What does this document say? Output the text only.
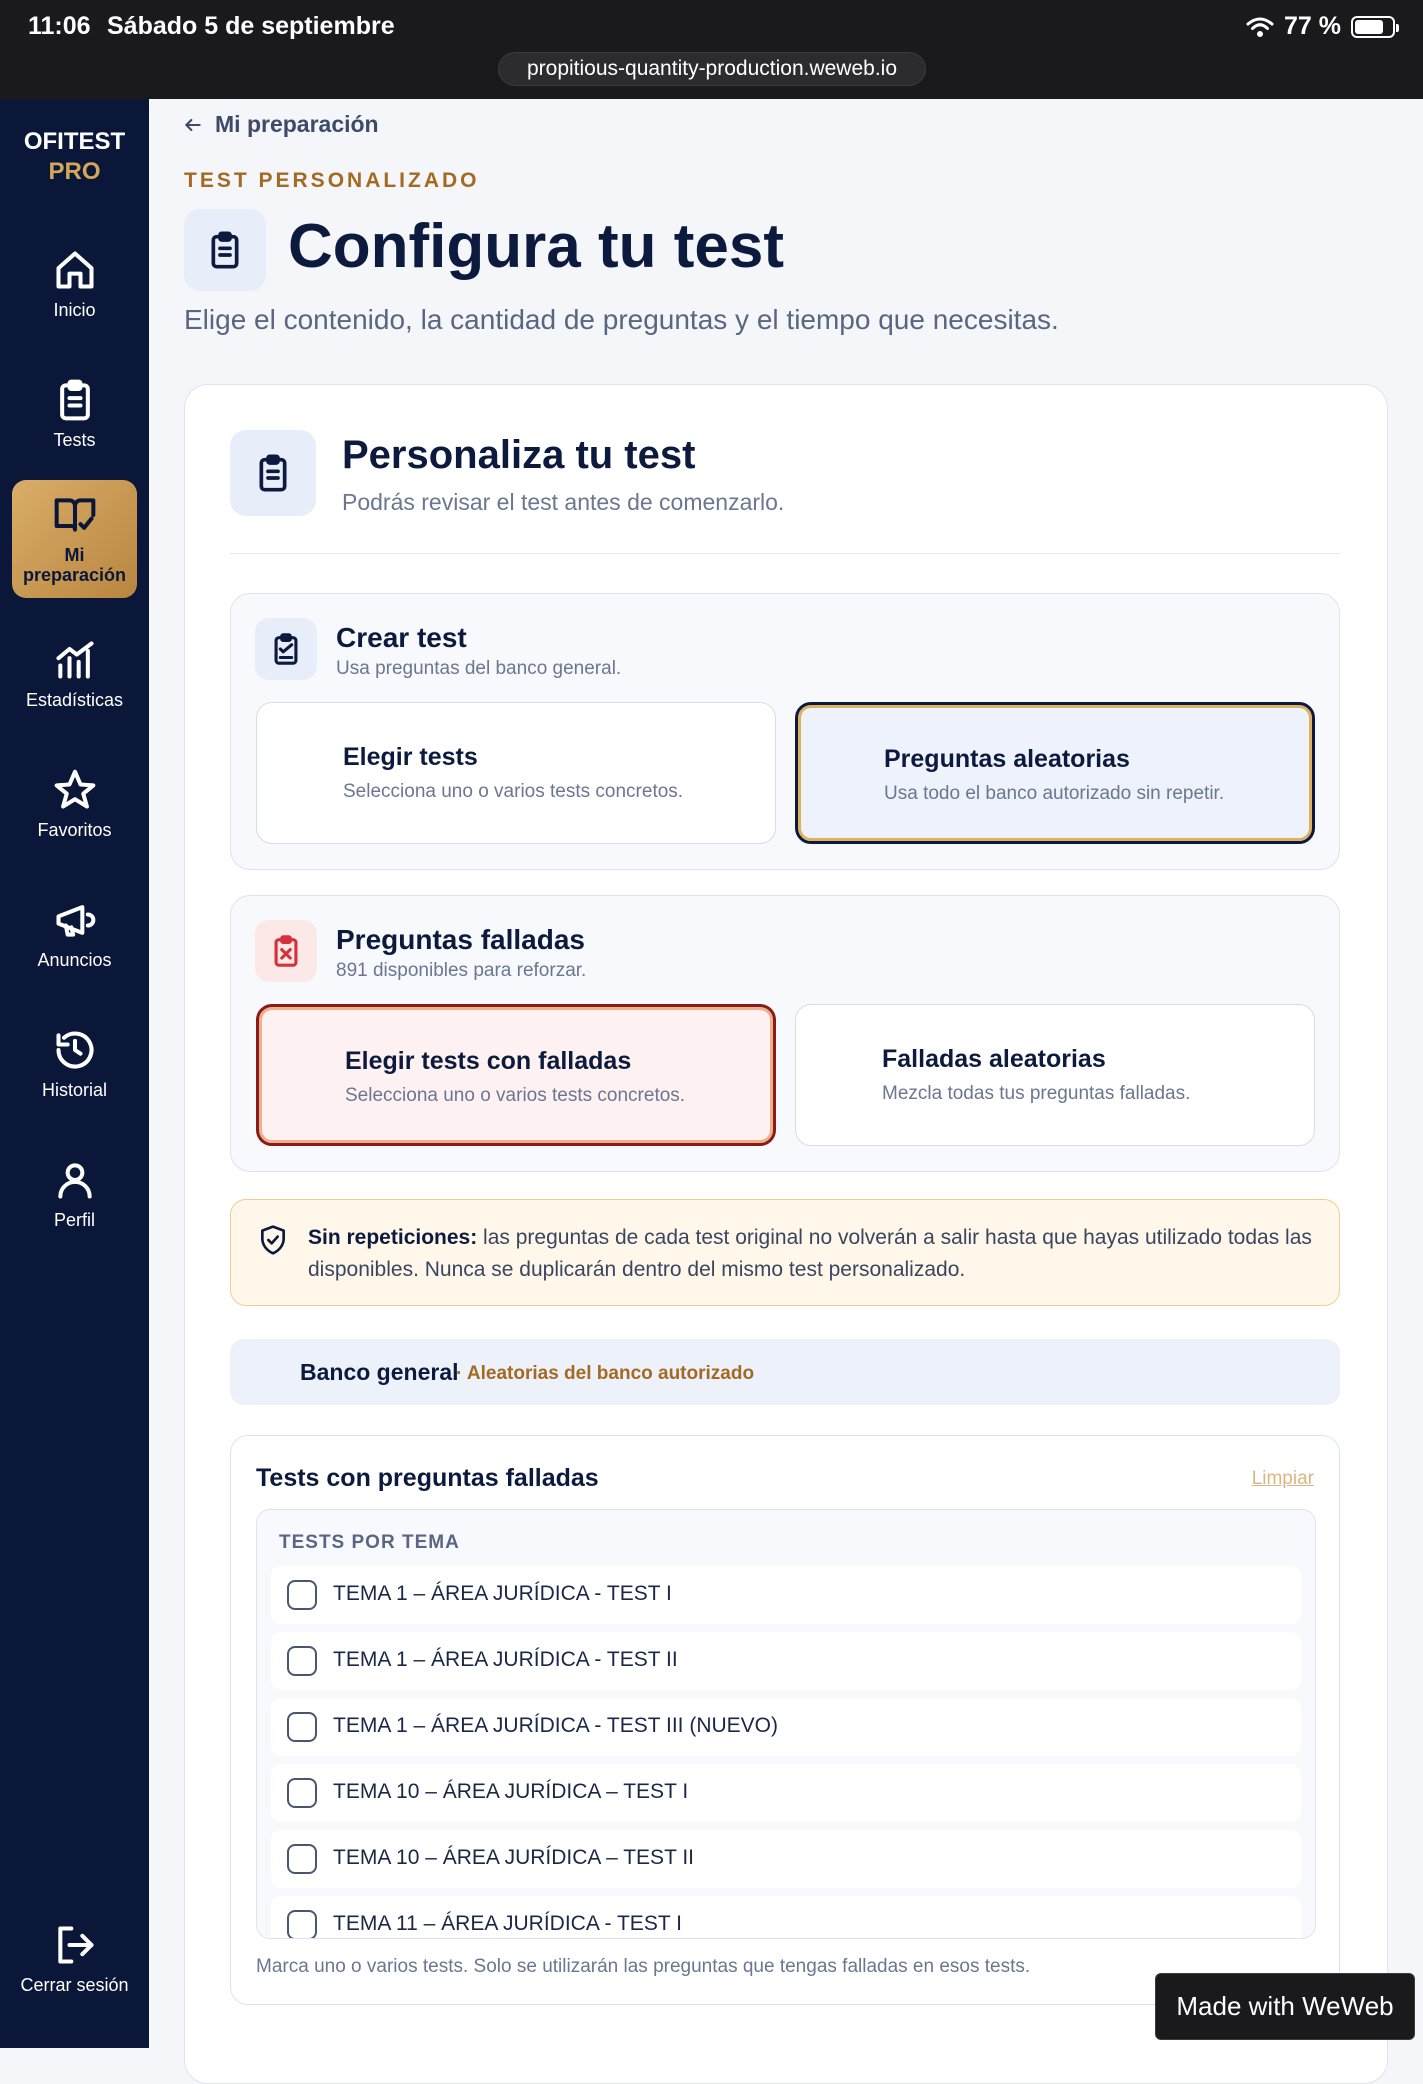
11:06 Sábado 5 de septiembre	77 %
propitious-quantity-production.weweb.io
OFITEST
PRO
Inicio
Tests
Mi preparación
Estadísticas
Favoritos
Anuncios
Historial
Perfil
Cerrar sesión
Mi preparación
TEST PERSONALIZADO
Configura tu test
Elige el contenido, la cantidad de preguntas y el tiempo que necesitas.
Personaliza tu test
Podrás revisar el test antes de comenzarlo.
Crear test
Usa preguntas del banco general.
Elegir tests
Selecciona uno o varios tests concretos.
Preguntas aleatorias
Usa todo el banco autorizado sin repetir.
Preguntas falladas
891 disponibles para reforzar.
Elegir tests con falladas
Selecciona uno o varios tests concretos.
Falladas aleatorias
Mezcla todas tus preguntas falladas.

Sin repeticiones: las preguntas de cada test original no volverán a salir hasta que hayas utilizado todas las disponibles. Nunca se duplicarán dentro del mismo test personalizado.

Banco general
· Aleatorias del banco autorizado
Tests con preguntas falladas	Limpiar
TESTS POR TEMA
TEMA 1 – ÁREA JURÍDICA - TEST I
TEMA 1 – ÁREA JURÍDICA - TEST II
TEMA 1 – ÁREA JURÍDICA - TEST III (NUEVO)
TEMA 10 – ÁREA JURÍDICA – TEST I
TEMA 10 – ÁREA JURÍDICA – TEST II
TEMA 11 – ÁREA JURÍDICA - TEST I
Marca uno o varios tests. Solo se utilizarán las preguntas que tengas falladas en esos tests.
Made with WeWeb
